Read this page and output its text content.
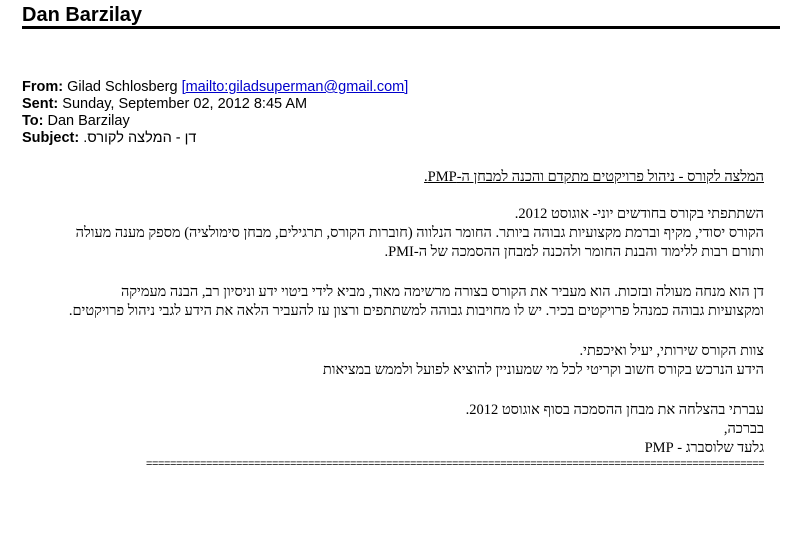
Dan Barzilay
From: Gilad Schlosberg [mailto:giladsuperman@gmail.com]
Sent: Sunday, September 02, 2012 8:45 AM
To: Dan Barzilay
Subject: דן - המלצה לקורס.
המלצה לקורס - ניהול פרויקטים מתקדם והכנה למבחן ה-PMP.
השתתפתי בקורס בחודשים יוני- אוגוסט 2012.
הקורס יסודי, מקיף וברמת מקצועיות גבוהה ביותר. החומר הנלווה (חוברות הקורס, תרגילים, מבחן סימולציה) מספק מענה מעולה
ותורם רבות ללימוד והבנת החומר ולהכנה למבחן ההסמכה של ה-PMI.
דן הוא מנחה מעולה ובזכות. הוא מעביר את הקורס בצורה מרשימה מאוד, מביא לידי ביטוי ידע וניסיון רב, הבנה מעמיקה
ומקצועיות גבוהה כמנהל פרויקטים בכיר. יש לו מחויבות גבוהה למשתתפים ורצון עז להעביר הלאה את הידע לגבי ניהול פרויקטים.
צוות הקורס שירותי, יעיל ואיכפתי.
הידע הנרכש בקורס חשוב וקריטי לכל מי שמעוניין להוציא לפועל ולממש במציאות
עברתי בהצלחה את מבחן ההסמכה בסוף אוגוסט 2012.
בברכה,
גלעד שלוסברג - PMP
=======================================================================================================
